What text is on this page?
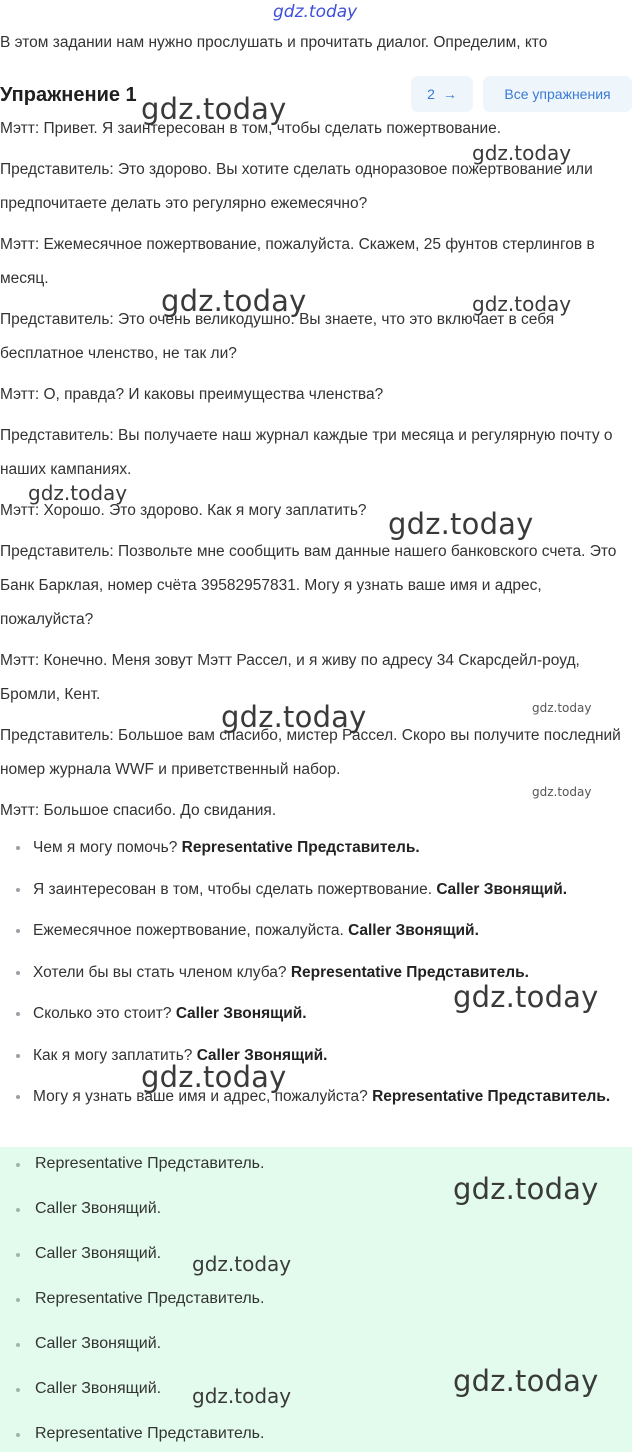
gdz.today
В этом задании нам нужно прослушать и прочитать диалог. Определим, кто
Упражнение 1	2 →	Все упражнения

Мэтт: Привет. Я заинтересован в том, чтобы сделать пожертвование.

Представитель: Это здорово. Вы хотите сделать одноразовое пожертвование или предпочитаете делать это регулярно ежемесячно?

Мэтт: Ежемесячное пожертвование, пожалуйста. Скажем, 25 фунтов стерлингов в месяц.

Представитель: Это очень великодушно. Вы знаете, что это включает в себя бесплатное членство, не так ли?

Мэтт: О, правда? И каковы преимущества членства?

Представитель: Вы получаете наш журнал каждые три месяца и регулярную почту о наших кампаниях.

Мэтт: Хорошо. Это здорово. Как я могу заплатить?

Представитель: Позвольте мне сообщить вам данные нашего банковского счета. Это Банк Барклая, номер счёта 39582957831. Могу я узнать ваше имя и адрес, пожалуйста?

Мэтт: Конечно. Меня зовут Мэтт Рассел, и я живу по адресу 34 Скарсдейл-роуд, Бромли, Кент.

Представитель: Большое вам спасибо, мистер Рассел. Скоро вы получите последний номер журнала WWF и приветственный набор.

Мэтт: Большое спасибо. До свидания.

Чем я могу помочь? Representative Представитель.
Я заинтересован в том, чтобы сделать пожертвование. Caller Звонящий.
Ежемесячное пожертвование, пожалуйста. Caller Звонящий.
Хотели бы вы стать членом клуба? Representative Представитель.
Сколько это стоит? Caller Звонящий.
Как я могу заплатить? Caller Звонящий.
Могу я узнать ваше имя и адрес, пожалуйста? Representative Представитель.
Representative Представитель.
Caller Звонящий.
Caller Звонящий.
Representative Представитель.
Caller Звонящий.
Caller Звонящий.
Representative Представитель.
gdz.today
gdz.today
gdz.today	gdz.today
gdz.today
gdz.today
gdz.today	gdz.today
gdz.today
gdz.today
gdz.today
gdz.today
gdz.today
gdz.today
gdz.today
